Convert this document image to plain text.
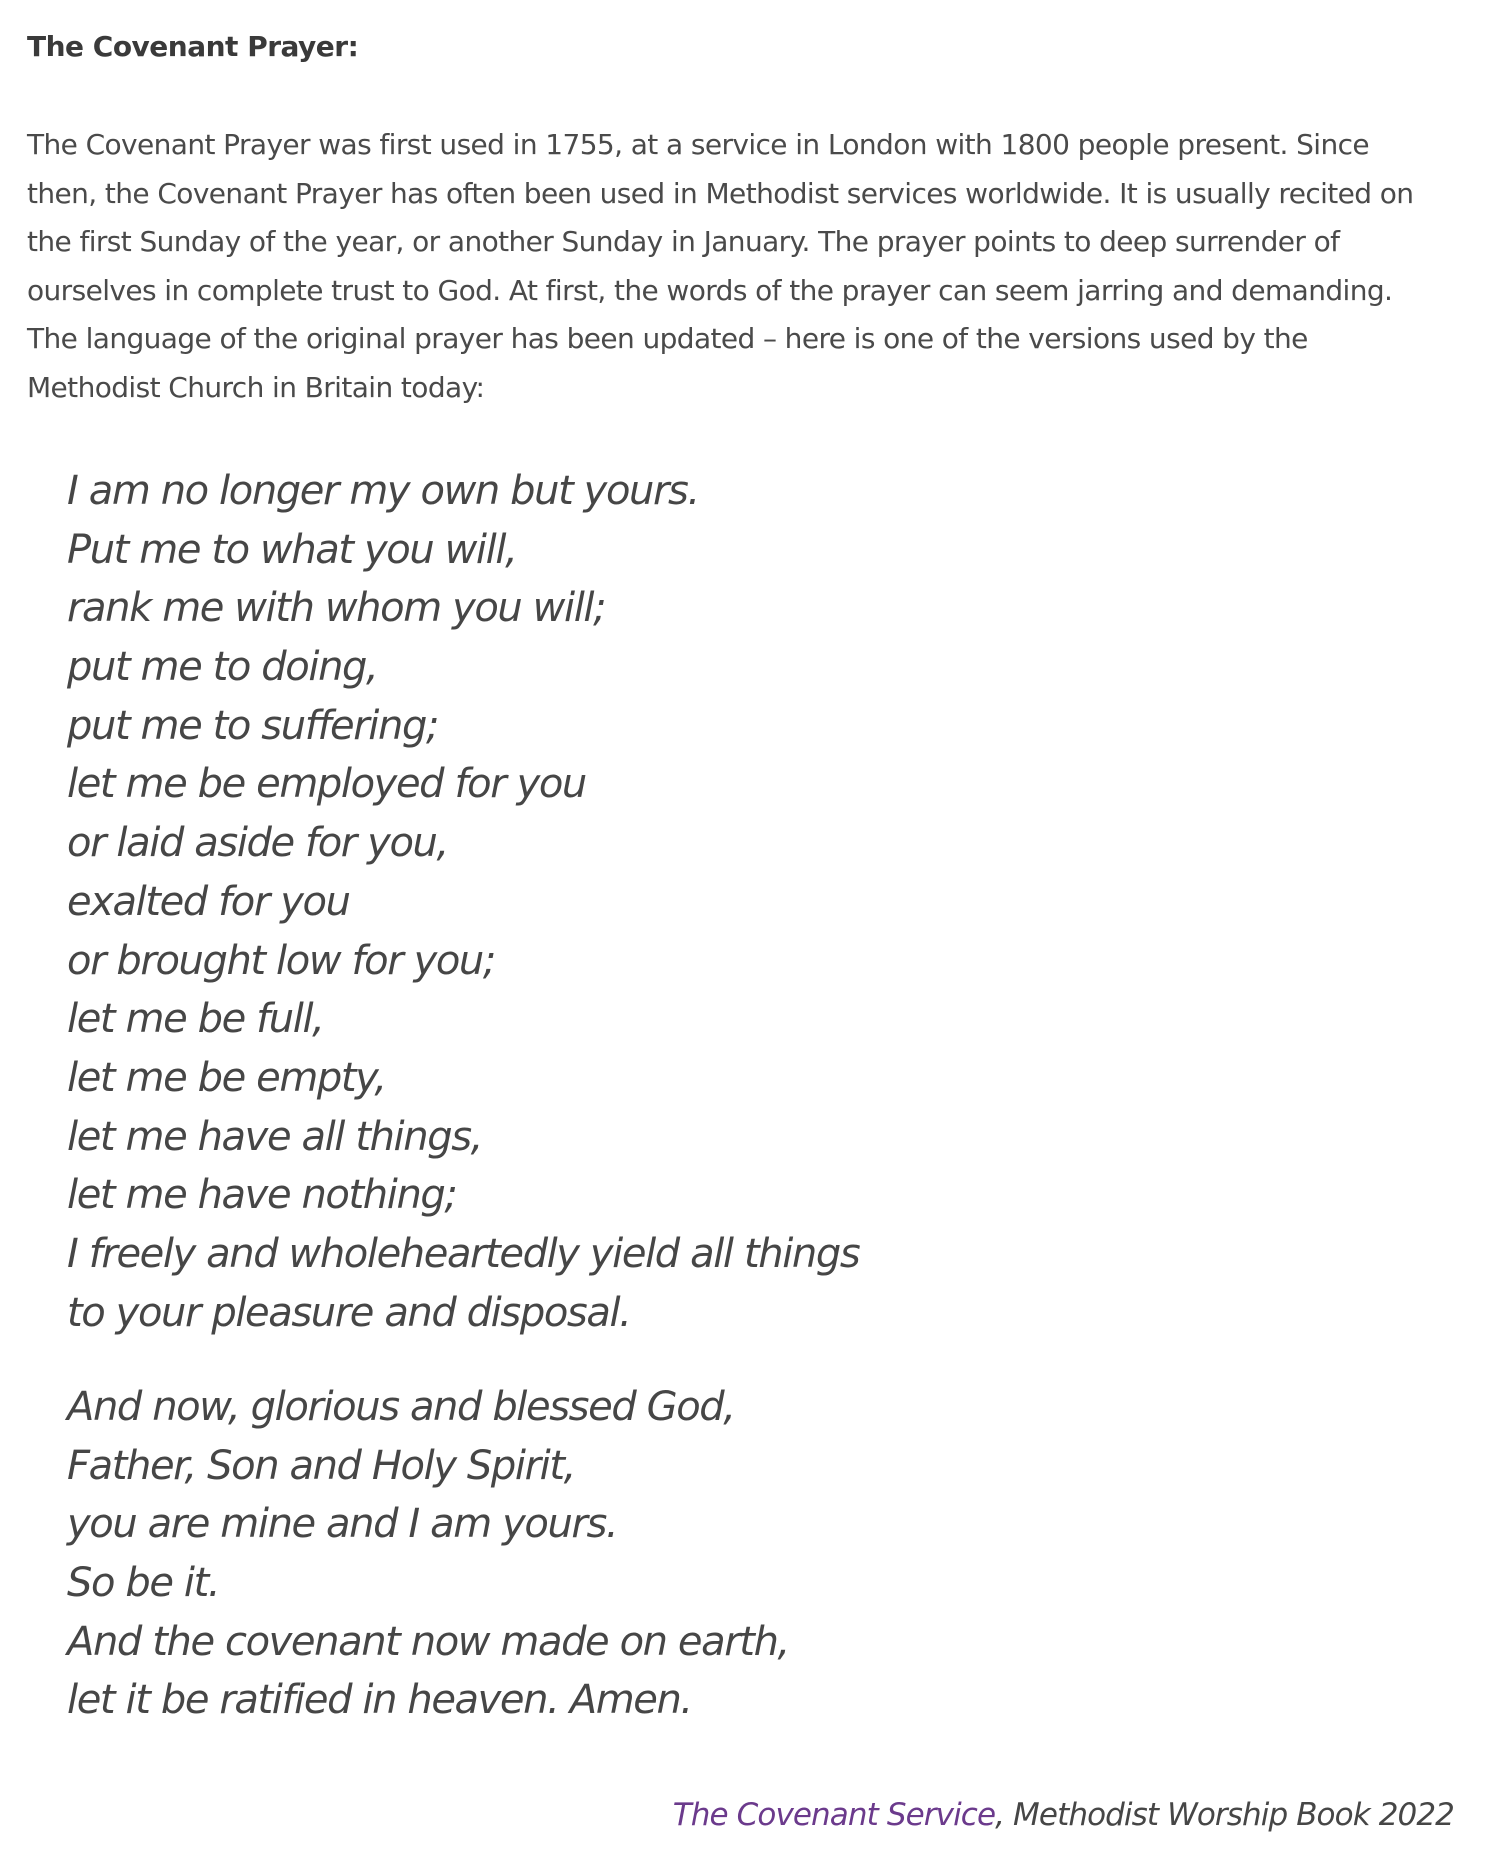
The Covenant Prayer:
The Covenant Prayer was first used in 1755, at a service in London with 1800 people present. Since
then, the Covenant Prayer has often been used in Methodist services worldwide. It is usually recited on
the first Sunday of the year, or another Sunday in January. The prayer points to deep surrender of
ourselves in complete trust to God. At first, the words of the prayer can seem jarring and demanding.
The language of the original prayer has been updated – here is one of the versions used by the
Methodist Church in Britain today:
I am no longer my own but yours.
Put me to what you will,
rank me with whom you will;
put me to doing,
put me to suffering;
let me be employed for you
or laid aside for you,
exalted for you
or brought low for you;
let me be full,
let me be empty,
let me have all things,
let me have nothing;
I freely and wholeheartedly yield all things
to your pleasure and disposal.
And now, glorious and blessed God,
Father, Son and Holy Spirit,
you are mine and I am yours.
So be it.
And the covenant now made on earth,
let it be ratified in heaven. Amen.
The Covenant Service, Methodist Worship Book 2022
